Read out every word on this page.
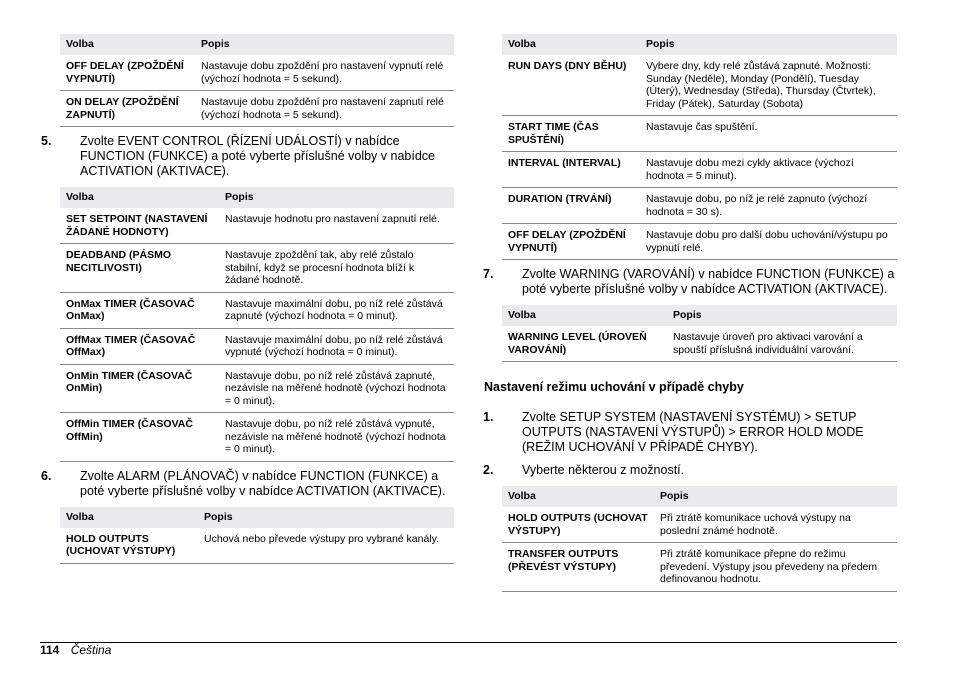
Volba	Popis
OFF DELAY (ZPOŽDĚNÍ VYPNUTÍ)	Nastavuje dobu zpoždění pro nastavení vypnutí relé (výchozí hodnota = 5 sekund).
ON DELAY (ZPOŽDĚNÍ ZAPNUTÍ)	Nastavuje dobu zpoždění pro nastavení zapnutí relé (výchozí hodnota = 5 sekund).
5. Zvolte EVENT CONTROL (ŘÍZENÍ UDÁLOSTÍ) v nabídce FUNCTION (FUNKCE) a poté vyberte příslušné volby v nabídce ACTIVATION (AKTIVACE).
Volba	Popis
SET SETPOINT (NASTAVENÍ ŽÁDANÉ HODNOTY)	Nastavuje hodnotu pro nastavení zapnutí relé.
DEADBAND (PÁSMO NECITLIVOSTI)	Nastavuje zpoždění tak, aby relé zůstalo stabilní, když se procesní hodnota blíží k žádané hodnotě.
OnMax TIMER (ČASOVAČ OnMax)	Nastavuje maximální dobu, po níž relé zůstává zapnuté (výchozí hodnota = 0 minut).
OffMax TIMER (ČASOVAČ OffMax)	Nastavuje maximální dobu, po níž relé zůstává vypnuté (výchozí hodnota = 0 minut).
OnMin TIMER (ČASOVAČ OnMin)	Nastavuje dobu, po níž relé zůstává zapnuté, nezávisle na měřené hodnotě (výchozí hodnota = 0 minut).
OffMin TIMER (ČASOVAČ OffMin)	Nastavuje dobu, po níž relé zůstává vypnuté, nezávisle na měřené hodnotě (výchozí hodnota = 0 minut).
6. Zvolte ALARM (PLÁNOVAČ) v nabídce FUNCTION (FUNKCE) a poté vyberte příslušné volby v nabídce ACTIVATION (AKTIVACE).
Volba	Popis
HOLD OUTPUTS (UCHOVAT VÝSTUPY)	Uchová nebo převede výstupy pro vybrané kanály.
Volba	Popis
RUN DAYS (DNY BĚHU)	Vybere dny, kdy relé zůstává zapnuté. Možnosti: Sunday (Neděle), Monday (Pondělí), Tuesday (Úterý), Wednesday (Středa), Thursday (Čtvrtek), Friday (Pátek), Saturday (Sobota)
START TIME (ČAS SPUŠTĚNÍ)	Nastavuje čas spuštění.
INTERVAL (INTERVAL)	Nastavuje dobu mezi cykly aktivace (výchozí hodnota = 5 minut).
DURATION (TRVÁNÍ)	Nastavuje dobu, po níž je relé zapnuto (výchozí hodnota = 30 s).
OFF DELAY (ZPOŽDĚNÍ VYPNUTÍ)	Nastavuje dobu pro další dobu uchování/výstupu po vypnutí relé.
7. Zvolte WARNING (VAROVÁNÍ) v nabídce FUNCTION (FUNKCE) a poté vyberte příslušné volby v nabídce ACTIVATION (AKTIVACE).
Volba	Popis
WARNING LEVEL (ÚROVEŇ VAROVÁNÍ)	Nastavuje úroveň pro aktivaci varování a spouští příslušná individuální varování.
Nastavení režimu uchování v případě chyby
1. Zvolte SETUP SYSTEM (NASTAVENÍ SYSTÉMU) > SETUP OUTPUTS (NASTAVENÍ VÝSTUPŮ) > ERROR HOLD MODE (REŽIM UCHOVÁNÍ V PŘÍPADĚ CHYBY).
2. Vyberte některou z možností.
Volba	Popis
HOLD OUTPUTS (UCHOVAT VÝSTUPY)	Při ztrátě komunikace uchová výstupy na poslední známé hodnotě.
TRANSFER OUTPUTS (PŘEVÉST VÝSTUPY)	Při ztrátě komunikace přepne do režimu převedení. Výstupy jsou převedeny na předem definovanou hodnotu.
114 Čeština
